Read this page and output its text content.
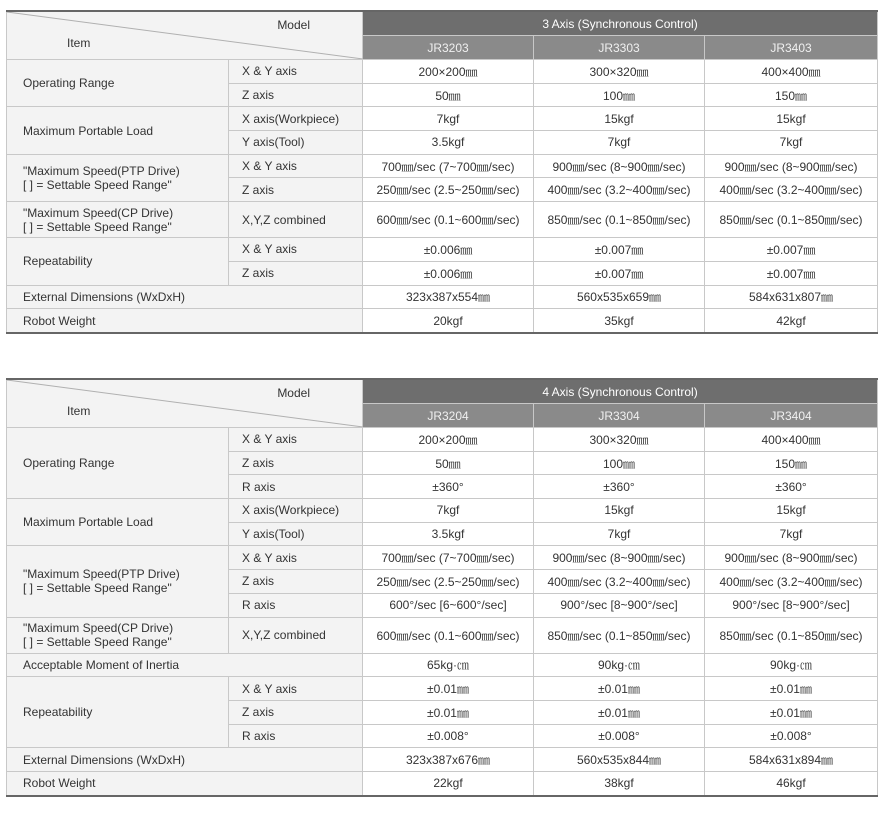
Model
Item		3 Axis (Synchronous Control)		
		JR3203	JR3303	JR3403
Operating Range	X & Y axis	200×200㎜	300×320㎜	400×400㎜
	Z axis	50㎜	100㎜	150㎜
Maximum Portable Load	X axis(Workpiece)	7kgf	15kgf	15kgf
	Y axis(Tool)	3.5kgf	7kgf	7kgf

"Maximum Speed(PTP Drive)
[ ] = Settable Speed Range"	X & Y axis	700㎜/sec (7~700㎜/sec)	900㎜/sec (8~900㎜/sec)	900㎜/sec (8~900㎜/sec)
	Z axis	250㎜/sec (2.5~250㎜/sec)	400㎜/sec (3.2~400㎜/sec)	400㎜/sec (3.2~400㎜/sec)

"Maximum Speed(CP Drive)
[ ] = Settable Speed Range"	X,Y,Z combined	600㎜/sec (0.1~600㎜/sec)	850㎜/sec (0.1~850㎜/sec)	850㎜/sec (0.1~850㎜/sec)
Repeatability	X & Y axis	±0.006㎜	±0.007㎜	±0.007㎜
	Z axis	±0.006㎜	±0.007㎜	±0.007㎜
External Dimensions (WxDxH)		323x387x554㎜	560x535x659㎜	584x631x807㎜
Robot Weight		20kgf	35kgf	42kgf
Model
Item		4 Axis (Synchronous Control)		
		JR3204	JR3304	JR3404
Operating Range	X & Y axis	200×200㎜	300×320㎜	400×400㎜
	Z axis	50㎜	100㎜	150㎜
	R axis	±360°	±360°	±360°
Maximum Portable Load	X axis(Workpiece)	7kgf	15kgf	15kgf
	Y axis(Tool)	3.5kgf	7kgf	7kgf

"Maximum Speed(PTP Drive)
[ ] = Settable Speed Range"	X & Y axis	700㎜/sec (7~700㎜/sec)	900㎜/sec (8~900㎜/sec)	900㎜/sec (8~900㎜/sec)
	Z axis	250㎜/sec (2.5~250㎜/sec)	400㎜/sec (3.2~400㎜/sec)	400㎜/sec (3.2~400㎜/sec)
	R axis	600°/sec [6~600°/sec]	900°/sec [8~900°/sec]	900°/sec [8~900°/sec]

"Maximum Speed(CP Drive)
[ ] = Settable Speed Range"	X,Y,Z combined	600㎜/sec (0.1~600㎜/sec)	850㎜/sec (0.1~850㎜/sec)	850㎜/sec (0.1~850㎜/sec)
Acceptable Moment of Inertia		65kg·㎝	90kg·㎝	90kg·㎝
Repeatability	X & Y axis	±0.01㎜	±0.01㎜	±0.01㎜
	Z axis	±0.01㎜	±0.01㎜	±0.01㎜
	R axis	±0.008°	±0.008°	±0.008°
External Dimensions (WxDxH)		323x387x676㎜	560x535x844㎜	584x631x894㎜
Robot Weight		22kgf	38kgf	46kgf
